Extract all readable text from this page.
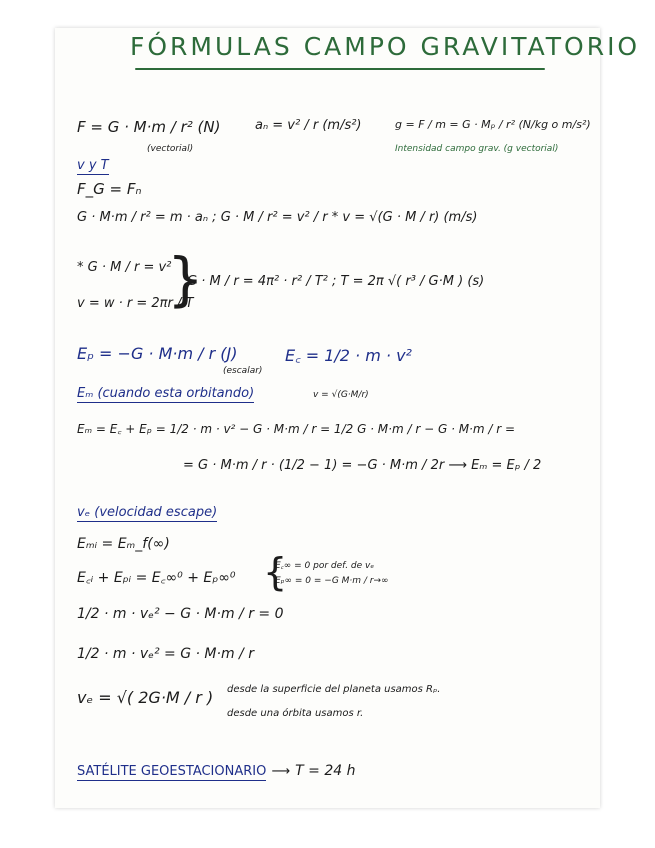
FÓRMULAS CAMPO GRAVITATORIO
F = G · M·m / r² (N)
(vectorial)
aₙ = v² / r (m/s²)	g = F / m = G · Mₚ / r² (N/kg o m/s²)
Intensidad campo grav. (g vectorial)
v y T
F_G = Fₙ
G · M·m / r² = m · aₙ ; G · M / r² = v² / r * v = √(G · M / r) (m/s)
* G · M / r = v²
v = w · r = 2πr / T
}
G · M / r = 4π² · r² / T² ; T = 2π √( r³ / G·M ) (s)
Eₚ = −G · M·m / r (J)
(escalar)
E꜀ = 1/2 · m · v²
Eₘ (cuando esta orbitando)	v = √(G·M/r)
Eₘ = E꜀ + Eₚ = 1/2 · m · v² − G · M·m / r = 1/2 G · M·m / r − G · M·m / r =
= G · M·m / r · (1/2 − 1) = −G · M·m / 2r ⟶ Eₘ = Eₚ / 2
vₑ (velocidad escape)
Eₘᵢ = Eₘ_f(∞)
E꜀ᵢ + Eₚᵢ = E꜀∞⁰ + Eₚ∞⁰ {
E꜀∞ = 0 por def. de vₑ
Eₚ∞ = 0 = −G M·m / r→∞
1/2 · m · vₑ² − G · M·m / r = 0
1/2 · m · vₑ² = G · M·m / r
vₑ = √( 2G·M / r ) desde la superficie del planeta usamos Rₚ.
desde una órbita usamos r.
SATÉLITE GEOESTACIONARIO ⟶ T = 24 h
